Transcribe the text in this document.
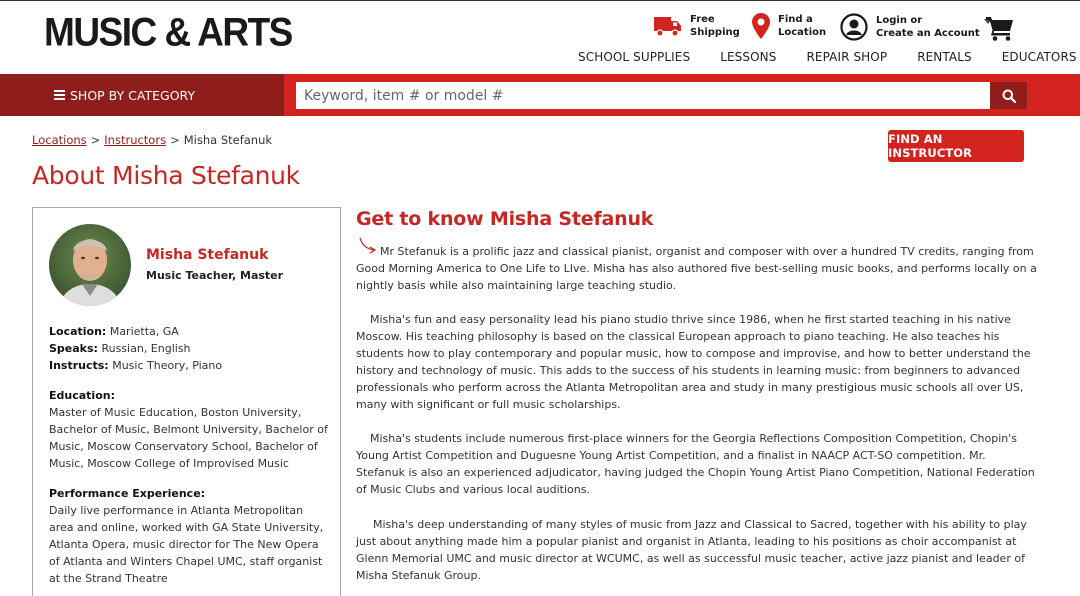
MUSIC & ARTS	Free
Shipping
Find a
Location
Login or
Create an Account
SCHOOL SUPPLIES	LESSONS	REPAIR SHOP	RENTALS	EDUCATORS
SHOP BY CATEGORY
Keyword, item # or model #
Locations > Instructors > Misha Stefanuk	FIND AN INSTRUCTOR
About Misha Stefanuk
Misha Stefanuk
Music Teacher, Master
Location: Marietta, GA
Speaks: Russian, English
Instructs: Music Theory, Piano
Education:
Master of Music Education, Boston University, Bachelor of Music, Belmont University, Bachelor of Music, Moscow Conservatory School, Bachelor of Music, Moscow College of Improvised Music
Performance Experience:
Daily live performance in Atlanta Metropolitan area and online, worked with GA State University, Atlanta Opera, music director for The New Opera of Atlanta and Winters Chapel UMC, staff organist at the Strand Theatre
Get to know Misha Stefanuk

Mr Stefanuk is a prolific jazz and classical pianist, organist and composer with over a hundred TV credits, ranging from Good Morning America to One Life to LIve. Misha has also authored five best-selling music books, and performs locally on a nightly basis while also maintaining large teaching studio.

Misha's fun and easy personality lead his piano studio thrive since 1986, when he first started teaching in his native Moscow. His teaching philosophy is based on the classical European approach to piano teaching. He also teaches his students how to play contemporary and popular music, how to compose and improvise, and how to better understand the history and technology of music. This adds to the success of his students in learning music: from beginners to advanced professionals who perform across the Atlanta Metropolitan area and study in many prestigious music schools all over US, many with significant or full music scholarships.

Misha's students include numerous first-place winners for the Georgia Reflections Composition Competition, Chopin's Young Artist Competition and Duguesne Young Artist Competition, and a finalist in NAACP ACT-SO competition. Mr. Stefanuk is also an experienced adjudicator, having judged the Chopin Young Artist Piano Competition, National Federation of Music Clubs and various local auditions.

Misha's deep understanding of many styles of music from Jazz and Classical to Sacred, together with his ability to play just about anything made him a popular pianist and organist in Atlanta, leading to his positions as choir accompanist at Glenn Memorial UMC and music director at WCUMC, as well as successful music teacher, active jazz pianist and leader of Misha Stefanuk Group.
